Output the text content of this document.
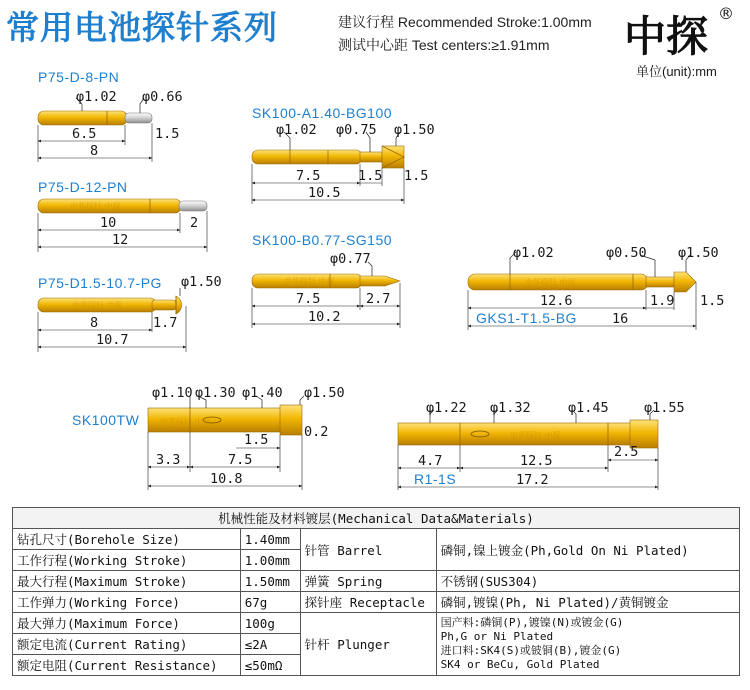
常用电池探针系列	建议行程 Recommended Stroke:1.00mm
测试中心距 Test centers:≥1.91mm 中探 ®
单位(unit):mm
P75-D-8-PN
φ1.02 φ0.66
6.5	1.5
8
P75-D-12-PN
中华探针 中探
10	2
12
P75-D1.5-10.7-PG
中华探针 中探
φ1.50
8	1.7
10.7
SK100-A1.40-BG100
φ1.02 φ0.75 φ1.50
7.5	1.5 1.5
10.5
SK100-B0.77-SG150
中华探针 中探
φ0.77
7.5	2.7
10.2
中华探针 中探
φ1.02	φ0.50 φ1.50
12.6	1.9 1.5
GKS1-T1.5-BG	16
SK100TW	中华探针 中探
φ1.10 φ1.30 φ1.40 φ1.50
1.5	0.2
3.3	7.5
10.8
中华探针 中探
φ1.22 φ1.32	φ1.45	φ1.55
2.5
4.7	12.5
R1-1S	17.2
机械性能及材料镀层(Mechanical Data&Materials)			
钻孔尺寸(Borehole Size)	1.40mm	针管 Barrel	磷铜,镍上镀金(Ph,Gold On Ni Plated)
工作行程(Working Stroke)	1.00mm		
最大行程(Maximum Stroke)	1.50mm	弹簧 Spring	不锈钢(SUS304)
工作弹力(Working Force)	67g	探针座 Receptacle	磷铜,镀镍(Ph, Ni Plated)/黄铜镀金
最大弹力(Maximum Force)	100g	针杆 Plunger	国产料:磷铜(P),镀镍(N)或镀金(G)
Ph,G or Ni Plated
进口料:SK4(S)或铍铜(B),镀金(G)
SK4 or BeCu, Gold Plated

额定电流(Current Rating)	≤2A		
额定电阻(Current Resistance)	≤50mΩ		
